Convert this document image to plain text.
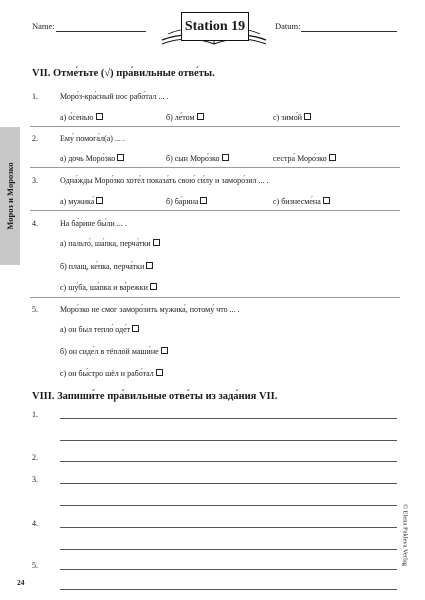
Name:	Station 19	Datum:
Мороз и Морозко
VII. Отме́тьте (√) пра́вильные отве́ты.
1.	Моро́з-кра́сный нос рабо́тал ... .
а) о́сенью	б) ле́том	с) зимо́й
2.	Ему́ помога́л(а) ... .
а) дочь Моро́зко	б) сын Моро́зко	сестра́ Моро́зко
3.	Одна́жды Моро́зко хоте́л показа́ть свою́ си́лу и заморо́зил ... .
а) мужика́	б) ба́рина	с) бизнесме́на
4.	На ба́рине бы́ли ... .
а) пальто́, ша́пка, перча́тки
б) плащ, ке́пка, перча́тки
с) шу́ба, ша́пка и ва́режки
5.	Моро́зко не смог заморо́зить мужика́, потому́ что ... .
а) он был тепло́ оде́т
б) он сиде́л в тёплой маши́не
с) он бы́стро шёл и рабо́тал
VIII. Запиши́те пра́вильные отве́ты из зада́ния VII.
1.
2.
3.
4.
5.
24
© Elena Pakleva Verlag
